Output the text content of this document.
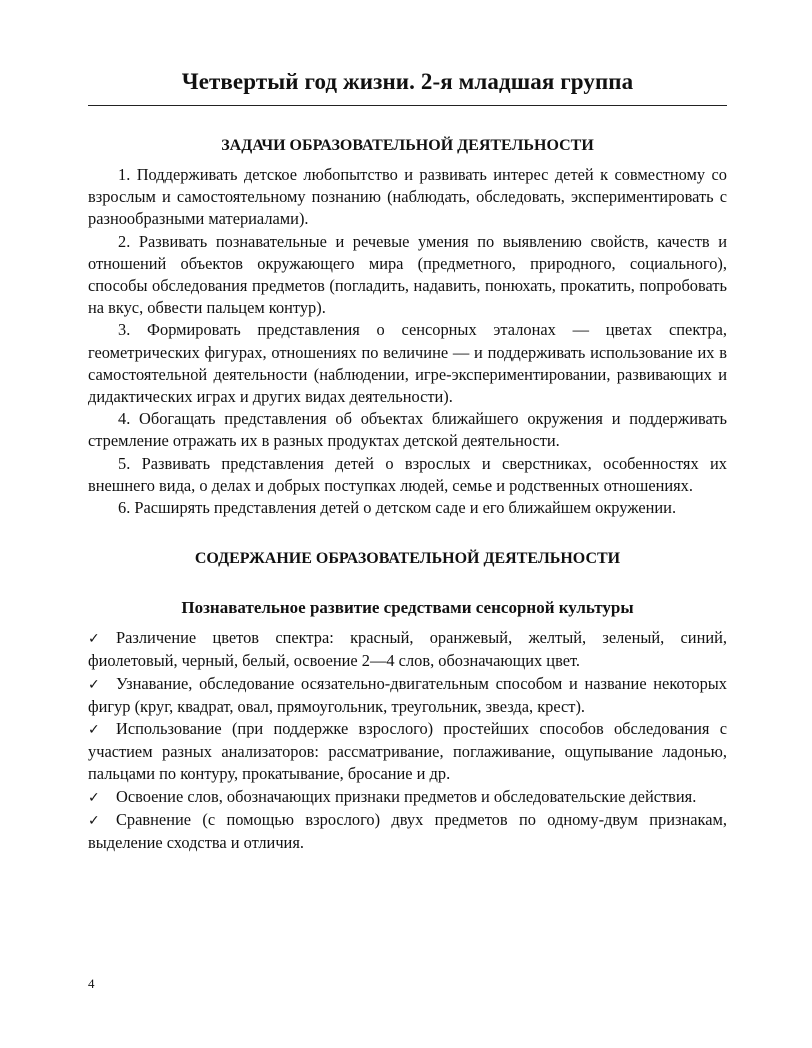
Четвертый год жизни. 2-я младшая группа
ЗАДАЧИ ОБРАЗОВАТЕЛЬНОЙ ДЕЯТЕЛЬНОСТИ

1. Поддерживать детское любопытство и развивать интерес детей к совместному со взрослым и самостоятельному познанию (наблюдать, обследовать, экспериментировать с разнообразными материалами).

2. Развивать познавательные и речевые умения по выявлению свойств, качеств и отношений объектов окружающего мира (предметного, природного, социального), способы обследования предметов (погладить, надавить, понюхать, прокатить, попробовать на вкус, обвести пальцем контур).

3. Формировать представления о сенсорных эталонах — цветах спектра, геометрических фигурах, отношениях по величине — и поддерживать использование их в самостоятельной деятельности (наблюдении, игре-экспериментировании, развивающих и дидактических играх и других видах деятельности).

4. Обогащать представления об объектах ближайшего окружения и поддерживать стремление отражать их в разных продуктах детской деятельности.

5. Развивать представления детей о взрослых и сверстниках, особенностях их внешнего вида, о делах и добрых поступках людей, семье и родственных отношениях.

6. Расширять представления детей о детском саде и его ближайшем окружении.

СОДЕРЖАНИЕ ОБРАЗОВАТЕЛЬНОЙ ДЕЯТЕЛЬНОСТИ
Познавательное развитие средствами сенсорной культуры
✓ Различение цветов спектра: красный, оранжевый, желтый, зеленый, синий, фиолетовый, черный, белый, освоение 2—4 слов, обозначающих цвет.
✓ Узнавание, обследование осязательно-двигательным способом и название некоторых фигур (круг, квадрат, овал, прямоугольник, треугольник, звезда, крест).
✓ Использование (при поддержке взрослого) простейших способов обследования с участием разных анализаторов: рассматривание, поглаживание, ощупывание ладонью, пальцами по контуру, прокатывание, бросание и др.
✓ Освоение слов, обозначающих признаки предметов и обследовательские действия.
✓ Сравнение (с помощью взрослого) двух предметов по одному-двум признакам, выделение сходства и отличия.
4
